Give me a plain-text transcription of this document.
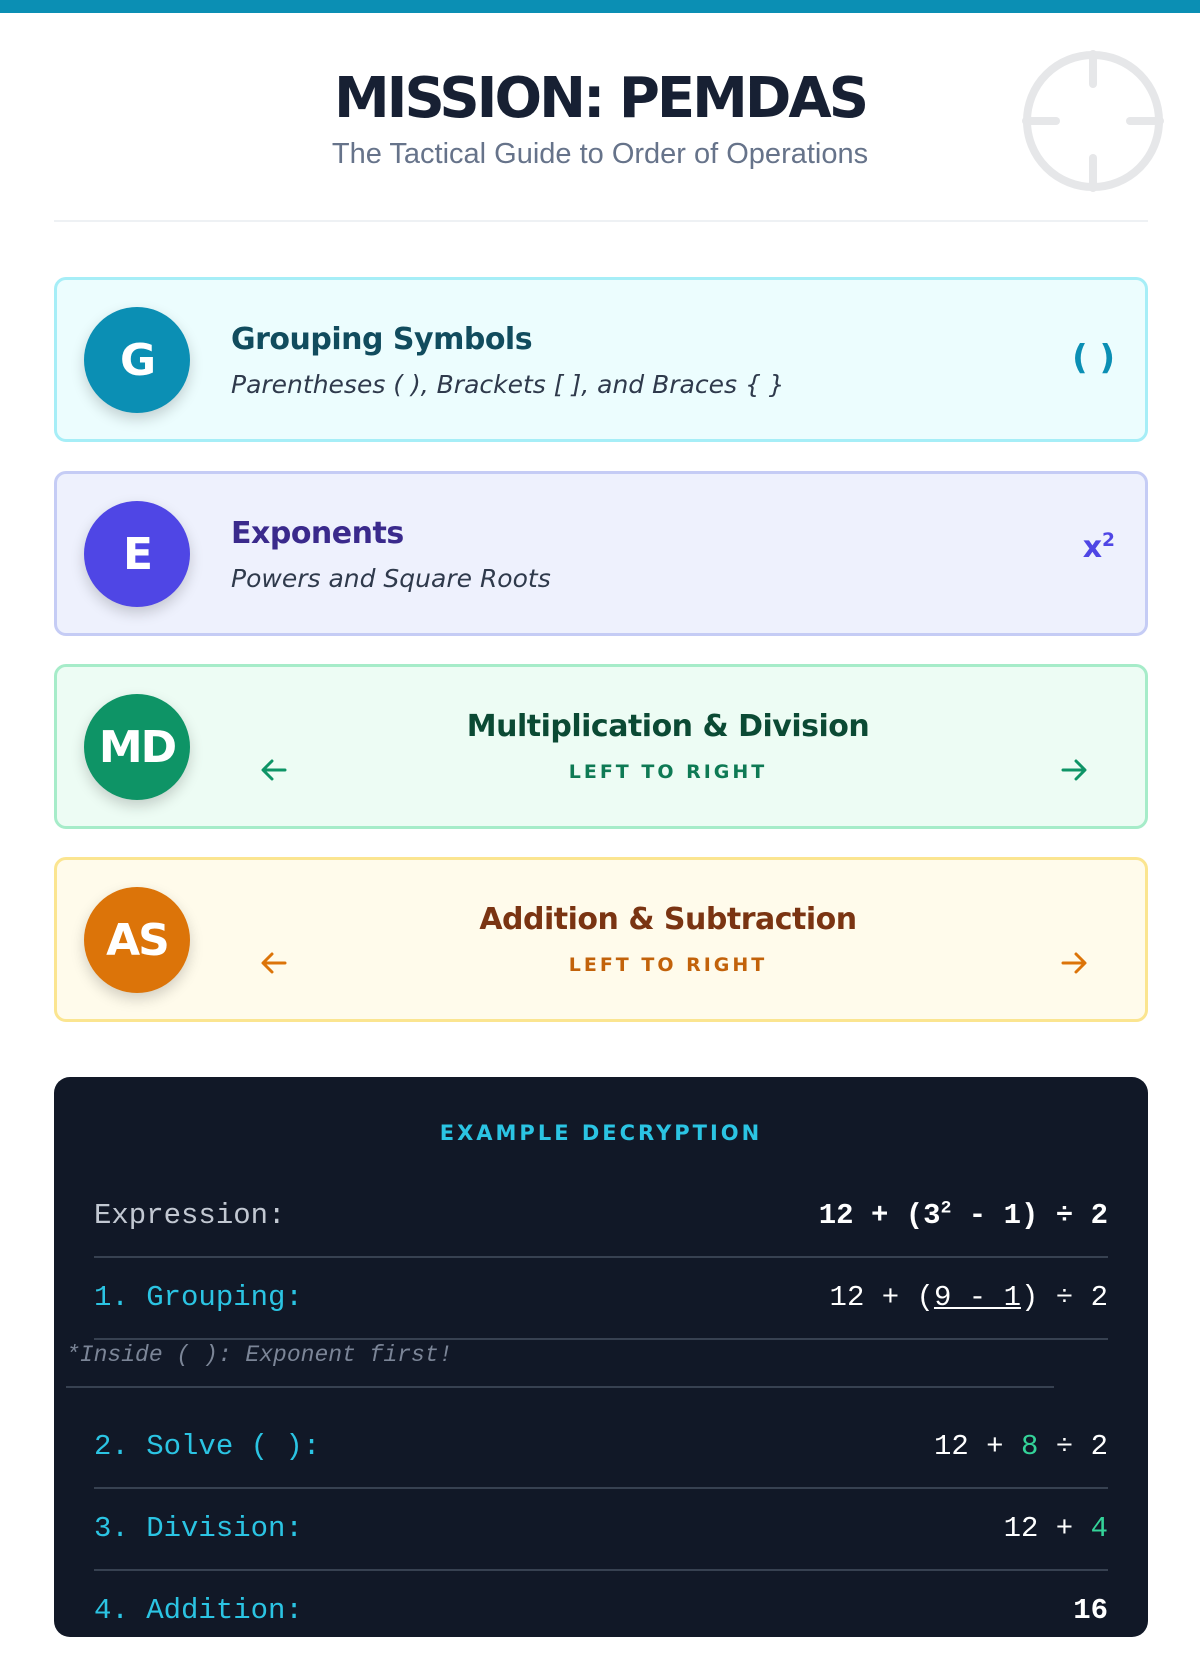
MISSION: PEMDAS
The Tactical Guide to Order of Operations
G	Grouping Symbols
Parentheses ( ), Brackets [ ], and Braces { }
( )
E	Exponents
Powers and Square Roots
$x^2$
MD	Multiplication & Division
LEFT TO RIGHT
AS	Addition & Subtraction
LEFT TO RIGHT
EXAMPLE DECRYPTION
Expression:	$12 + (3^2 - 1) \div 2$
1. Grouping:	12 + (9 - 1) ÷ 2
2. Solve ( ):	12 + 8 ÷ 2
3. Division:	12 + 4
4. Addition:	16
*Inside ( ): Exponent first!
